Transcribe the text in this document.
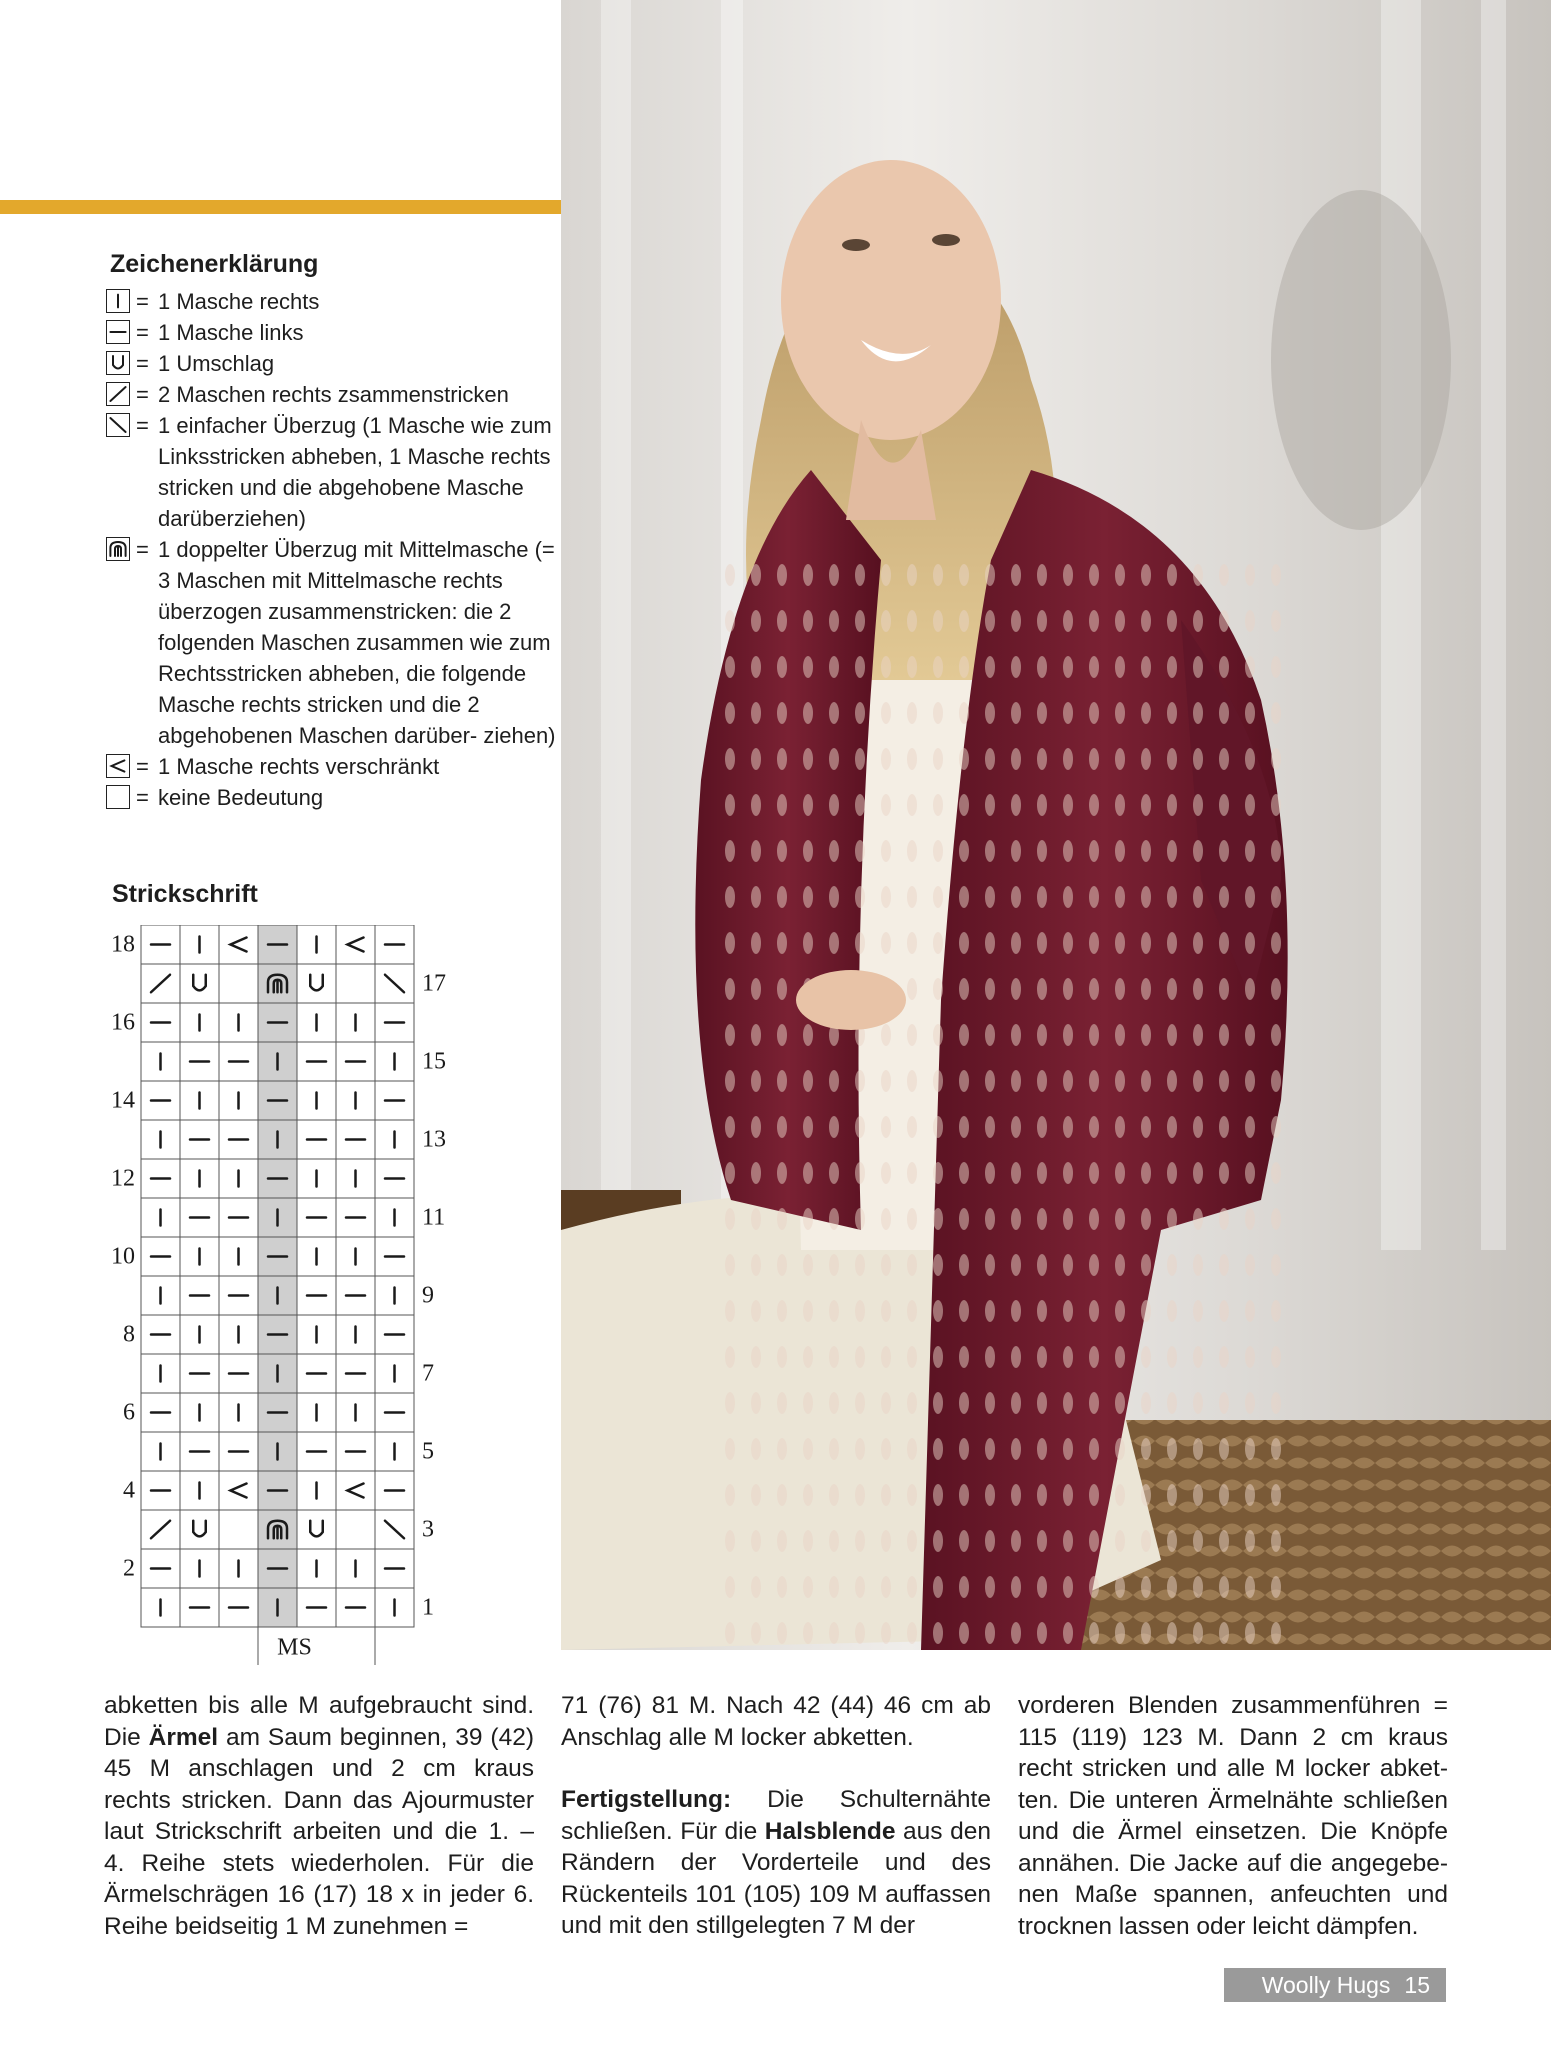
Zeichenerklärung
= 1 Masche rechts
= 1 Masche links
= 1 Umschlag
= 2 Maschen rechts zsammenstricken
= 1 einfacher Überzug (1 Masche wie zum Linksstricken abheben, 1 Masche rechts stricken und die abgehobene Masche darüberziehen)
= 1 doppelter Überzug mit Mittelmasche (= 3 Maschen mit Mittelmasche rechts überzogen zusammenstricken: die 2 folgenden Maschen zusammen wie zum Rechtsstricken abheben, die folgende Masche rechts stricken und die 2 abgehobenen Maschen darüber- ziehen)
= 1 Masche rechts verschränkt
= keine Bedeutung
Strickschrift
18
17
16
15
14
13
12
11
10
9
8
7
6
5
4
3
2
1
MS

abketten bis alle M aufgebraucht sind. Die Ärmel am Saum beginnen, 39 (42) 45 M anschlagen und 2 cm kraus rechts stricken. Dann das Ajourmuster laut Strickschrift arbeiten und die 1. – 4. Reihe stets wiederholen. Für die Ärmelschrägen 16 (17) 18 x in jeder 6. Reihe beidseitig 1 M zunehmen =

71 (76) 81 M. Nach 42 (44) 46 cm ab Anschlag alle M locker abketten.

Fertigstellung: Die Schulternähte schließen. Für die Halsblende aus den Rändern der Vorderteile und des Rückenteils 101 (105) 109 M auffassen und mit den stillgelegten 7 M der

vorderen Blenden zusammenführen = 115 (119) 123 M. Dann 2 cm kraus recht stricken und alle M locker abketten. Die unteren Ärmelnähte schließen und die Ärmel einsetzen. Die Knöpfe annähen. Die Jacke auf die angegebenen Maße spannen, anfeuchten und trocknen lassen oder leicht dämpfen.

Woolly Hugs 15
